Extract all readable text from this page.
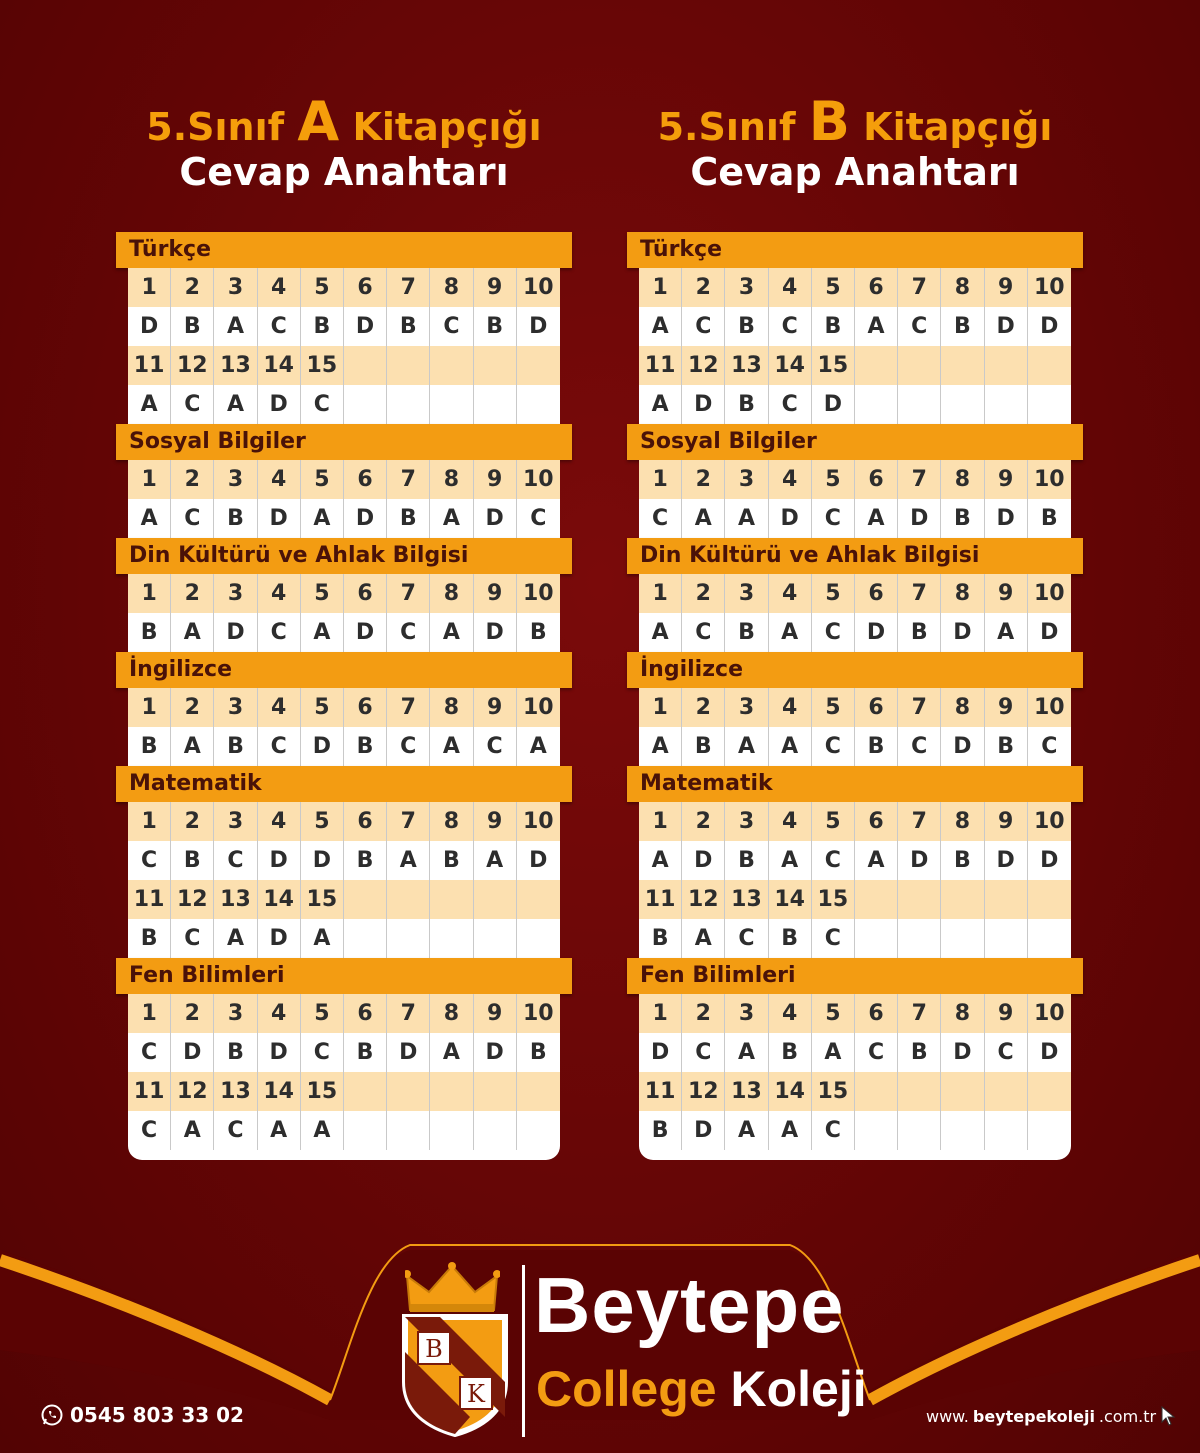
5.Sınıf A Kitapçığı
Cevap Anahtarı
Türkçe
1	2	3	4	5	6	7	8	9 10
D	B	A	C	B	D	B	C	B	D
11 12 13 14 15
A	C	A	D	C
Sosyal Bilgiler
1	2	3	4	5	6	7	8	9 10
A	C	B	D	A	D	B	A	D	C
Din Kültürü ve Ahlak Bilgisi
1	2	3	4	5	6	7	8	9 10
B	A	D	C	A	D	C	A	D	B
İngilizce
1	2	3	4	5	6	7	8	9 10
B	A	B	C	D	B	C	A	C	A
Matematik
1	2	3	4	5	6	7	8	9 10
C	B	C	D	D	B	A	B	A	D
11 12 13 14 15
B	C	A	D	A
Fen Bilimleri
1	2	3	4	5	6	7	8	9 10
C	D	B	D	C	B	D	A	D	B
11 12 13 14 15
C	A	C	A	A
5.Sınıf B Kitapçığı
Cevap Anahtarı
Türkçe
1	2	3	4	5	6	7	8	9 10
A	C	B	C	B	A	C	B	D	D
11 12 13 14 15
A	D	B	C	D
Sosyal Bilgiler
1	2	3	4	5	6	7	8	9 10
C	A	A	D	C	A	D	B	D	B
Din Kültürü ve Ahlak Bilgisi
1	2	3	4	5	6	7	8	9 10
A	C	B	A	C	D	B	D	A	D
İngilizce
1	2	3	4	5	6	7	8	9 10
A	B	A	A	C	B	C	D	B	C
Matematik
1	2	3	4	5	6	7	8	9 10
A	D	B	A	C	A	D	B	D	D
11 12 13 14 15
B	A	C	B	C
Fen Bilimleri
1	2	3	4	5	6	7	8	9 10
D	C	A	B	A	C	B	D	C	D
11 12 13 14 15
B	D	A	A	C
B
K
Beytepe
College Koleji
0545 803 33 02	www. beytepekoleji .com.tr
